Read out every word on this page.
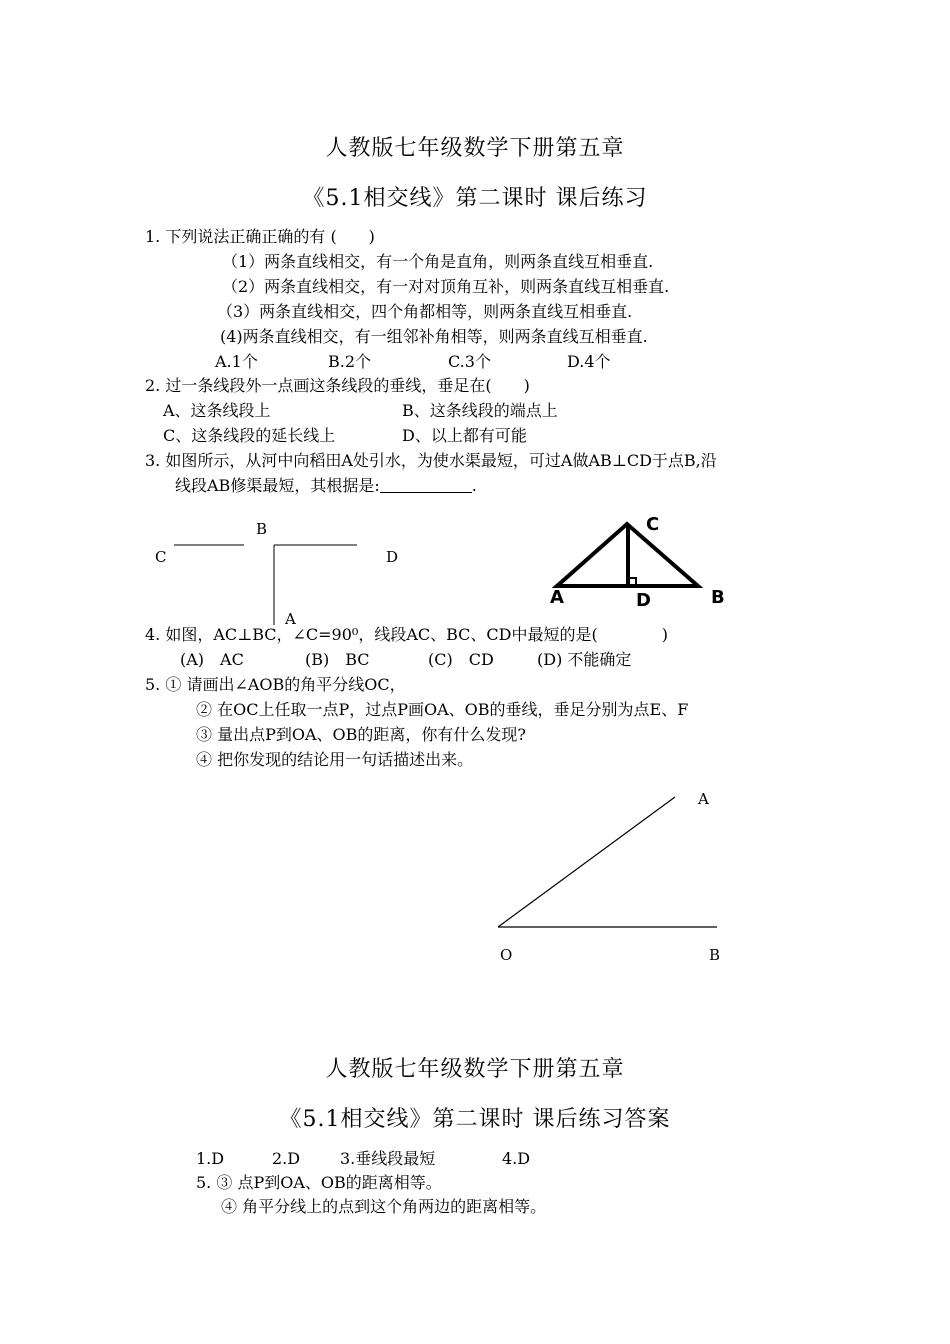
人教版七年级数学下册第五章
《5.1相交线》第二课时 课后练习
1. 下列说法正确正确的有 (　　)
（1）两条直线相交，有一个角是直角，则两条直线互相垂直.
（2）两条直线相交，有一对对顶角互补，则两条直线互相垂直.
（3）两条直线相交，四个角都相等，则两条直线互相垂直.
(4)两条直线相交，有一组邻补角相等，则两条直线互相垂直.
A.1个	B.2个	C.3个	D.4个
2. 过一条线段外一点画这条线段的垂线，垂足在(　　)
A、这条线段上	B、这条线段的端点上
C、这条线段的延长线上	D、以上都有可能
3. 如图所示，从河中向稻田A处引水，为使水渠最短，可过A做AB⊥CD于点B,沿
线段AB修渠最短，其根据是:	.
C
B
D
A
A	B
C
D
4. 如图，AC⊥BC，∠C=90⁰，线段AC、BC、CD中最短的是(　　　　)
(A)　AC	(B)　BC	(C)　CD	(D) 不能确定
5. ① 请画出∠AOB的角平分线OC，
② 在OC上任取一点P，过点P画OA、OB的垂线，垂足分别为点E、F
③ 量出点P到OA、OB的距离，你有什么发现?
④ 把你发现的结论用一句话描述出来。
A
O	B
人教版七年级数学下册第五章
《5.1相交线》第二课时 课后练习答案
1.D	2.D 3.垂线段最短	4.D
5. ③ 点P到OA、OB的距离相等。
④ 角平分线上的点到这个角两边的距离相等。
